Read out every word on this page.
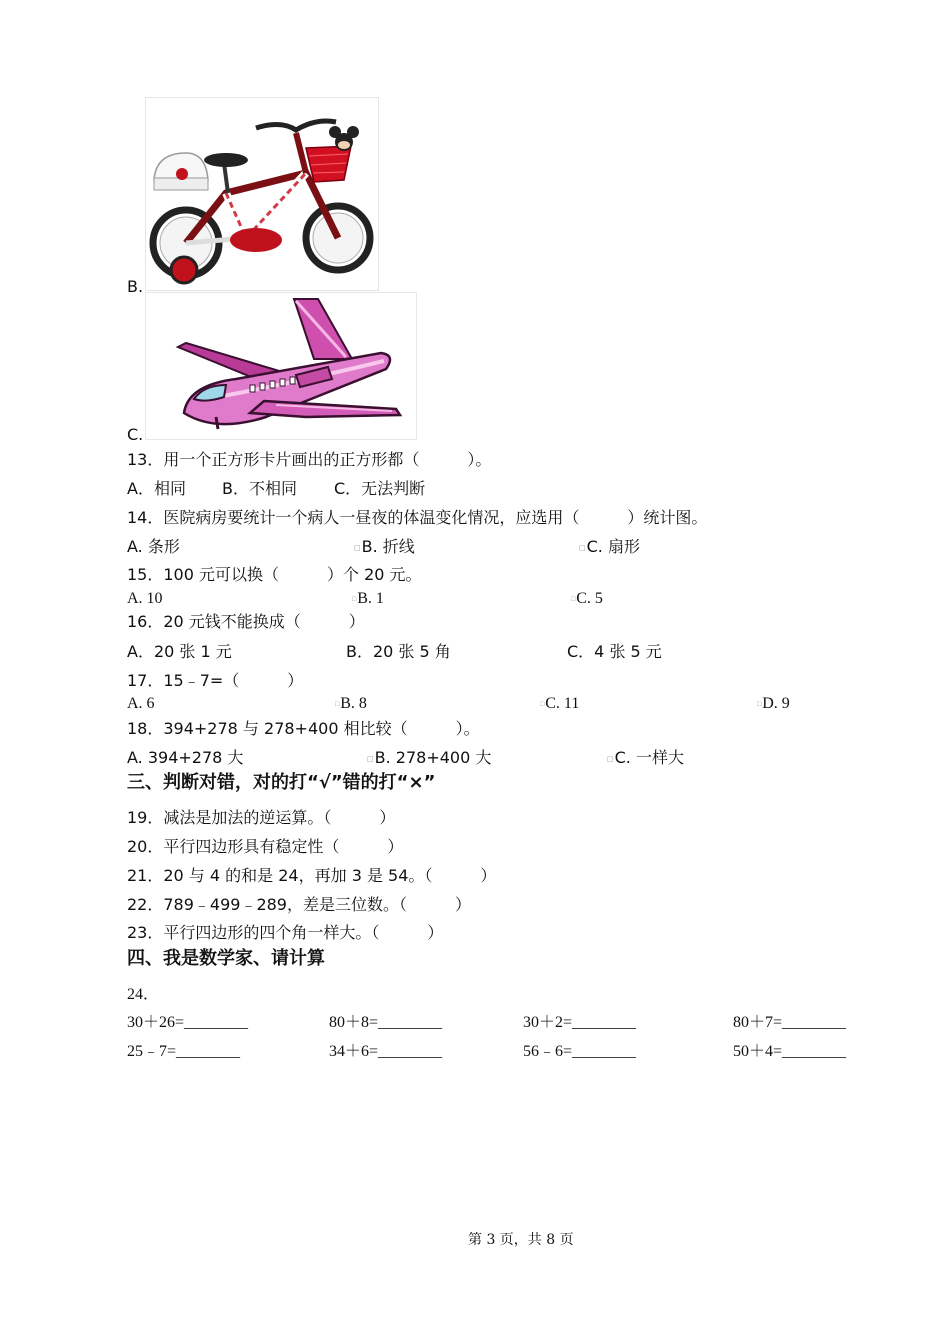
B.
C.
13．用一个正方形卡片画出的正方形都（　　　）。
A．相同 B．不相同 C．无法判断
14．医院病房要统计一个病人一昼夜的体温变化情况，应选用（　　　）统计图。
A. 条形	□B. 折线	□C. 扇形
15．100 元可以换（　　　）个 20 元。
A. 10	□B. 1	□C. 5
16．20 元钱不能换成（　　　）
A．20 张 1 元	B．20 张 5 角	C．4 张 5 元
17．15﹣7=（　　　）
A. 6	□B. 8	□C. 11	□D. 9
18．394+278 与 278+400 相比较（　　　）。
A. 394+278 大	□B. 278+400 大	□C. 一样大
三、判断对错，对的打“√”错的打“×”
19．减法是加法的逆运算。（　　　）
20．平行四边形具有稳定性（　　　）
21．20 与 4 的和是 24，再加 3 是 54。（　　　）
22．789﹣499﹣289，差是三位数。（　　　）
23．平行四边形的四个角一样大。（　　　）
四、我是数学家、请计算
24．
30＋26=________	80＋8=________	30＋2=________	80＋7=________
25﹣7=________	34＋6=________	56﹣6=________	50＋4=________
第 3 页，共 8 页
